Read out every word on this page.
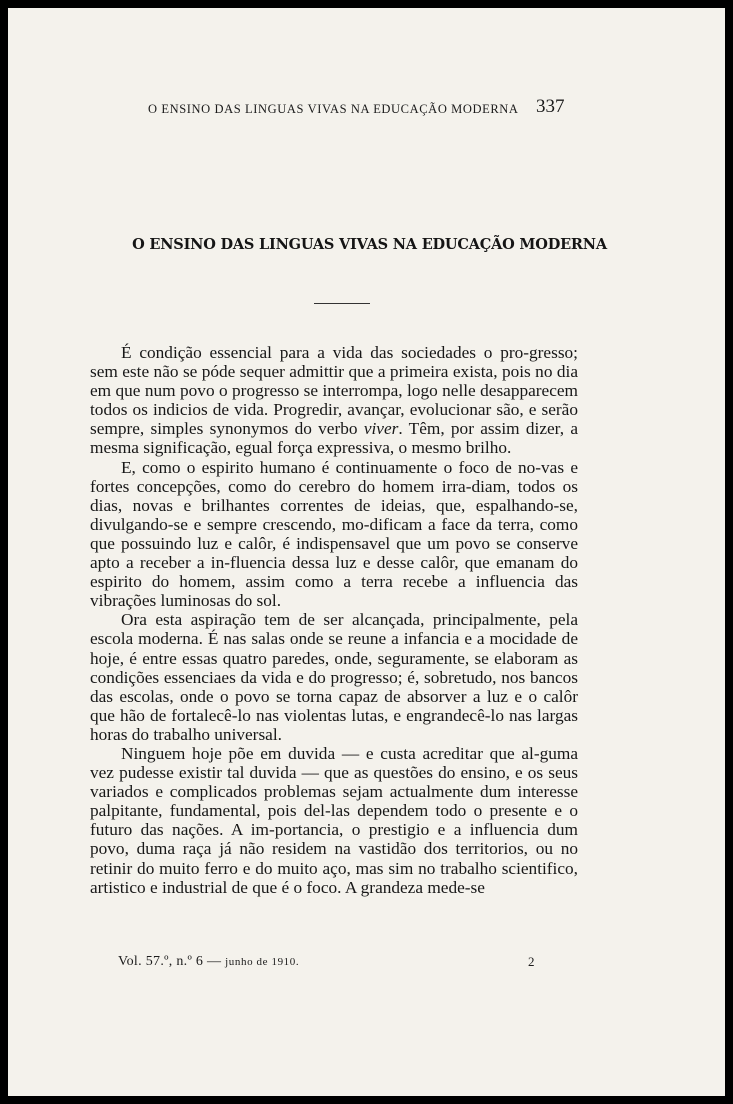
O ENSINO DAS LINGUAS VIVAS NA EDUCAÇÃO MODERNA 337
O ENSINO DAS LINGUAS VIVAS NA EDUCAÇÃO MODERNA

É condição essencial para a vida das sociedades o pro-gresso; sem este não se póde sequer admittir que a primeira exista, pois no dia em que num povo o progresso se interrompa, logo nelle desapparecem todos os indicios de vida. Progredir, avançar, evolucionar são, e serão sempre, simples synonymos do verbo viver. Têm, por assim dizer, a mesma significação, egual força expressiva, o mesmo brilho.

E, como o espirito humano é continuamente o foco de no-vas e fortes concepções, como do cerebro do homem irra-diam, todos os dias, novas e brilhantes correntes de ideias, que, espalhando-se, divulgando-se e sempre crescendo, mo-dificam a face da terra, como que possuindo luz e calôr, é indispensavel que um povo se conserve apto a receber a in-fluencia dessa luz e desse calôr, que emanam do espirito do homem, assim como a terra recebe a influencia das vibrações luminosas do sol.

Ora esta aspiração tem de ser alcançada, principalmente, pela escola moderna. É nas salas onde se reune a infancia e a mocidade de hoje, é entre essas quatro paredes, onde, seguramente, se elaboram as condições essenciaes da vida e do progresso; é, sobretudo, nos bancos das escolas, onde o povo se torna capaz de absorver a luz e o calôr que hão de fortalecê-lo nas violentas lutas, e engrandecê-lo nas largas horas do trabalho universal.

Ninguem hoje põe em duvida — e custa acreditar que al-guma vez pudesse existir tal duvida — que as questões do ensino, e os seus variados e complicados problemas sejam actualmente dum interesse palpitante, fundamental, pois del-las dependem todo o presente e o futuro das nações. A im-portancia, o prestigio e a influencia dum povo, duma raça já não residem na vastidão dos territorios, ou no retinir do muito ferro e do muito aço, mas sim no trabalho scientifico, artistico e industrial de que é o foco. A grandeza mede-se

Vol. 57.º, n.º 6 — junho de 1910.	2
